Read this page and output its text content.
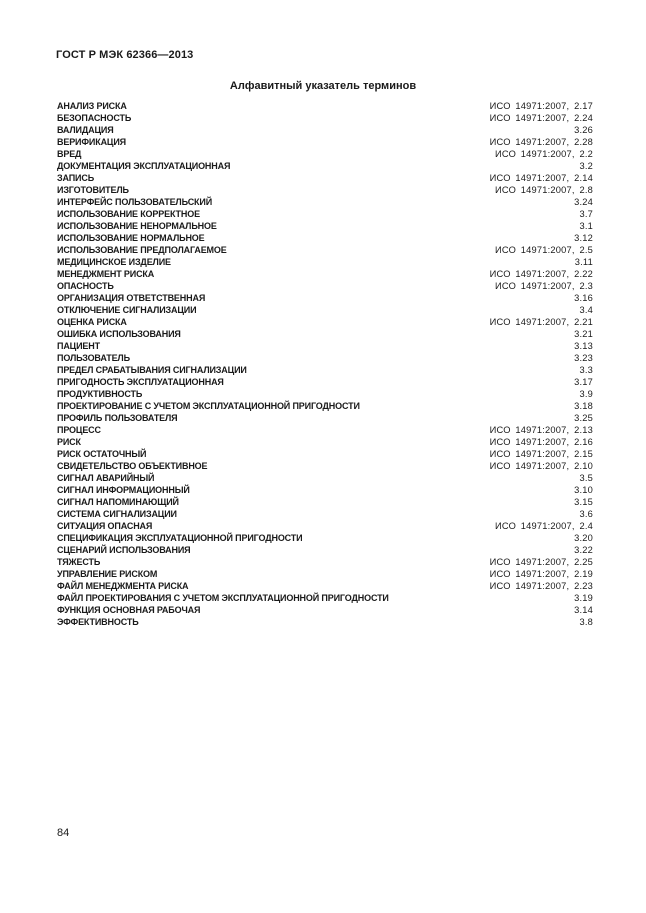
ГОСТ Р МЭК 62366—2013
Алфавитный указатель терминов
АНАЛИЗ РИСКА	ИСО 14971:2007, 2.17
БЕЗОПАСНОСТЬ	ИСО 14971:2007, 2.24
ВАЛИДАЦИЯ	3.26
ВЕРИФИКАЦИЯ	ИСО 14971:2007, 2.28
ВРЕД	ИСО 14971:2007, 2.2
ДОКУМЕНТАЦИЯ ЭКСПЛУАТАЦИОННАЯ	3.2
ЗАПИСЬ	ИСО 14971:2007, 2.14
ИЗГОТОВИТЕЛЬ	ИСО 14971:2007, 2.8
ИНТЕРФЕЙС ПОЛЬЗОВАТЕЛЬСКИЙ	3.24
ИСПОЛЬЗОВАНИЕ КОРРЕКТНОЕ	3.7
ИСПОЛЬЗОВАНИЕ НЕНОРМАЛЬНОЕ	3.1
ИСПОЛЬЗОВАНИЕ НОРМАЛЬНОЕ	3.12
ИСПОЛЬЗОВАНИЕ ПРЕДПОЛАГАЕМОЕ	ИСО 14971:2007, 2.5
МЕДИЦИНСКОЕ ИЗДЕЛИЕ	3.11
МЕНЕДЖМЕНТ РИСКА	ИСО 14971:2007, 2.22
ОПАСНОСТЬ	ИСО 14971:2007, 2.3
ОРГАНИЗАЦИЯ ОТВЕТСТВЕННАЯ	3.16
ОТКЛЮЧЕНИЕ СИГНАЛИЗАЦИИ	3.4
ОЦЕНКА РИСКА	ИСО 14971:2007, 2.21
ОШИБКА ИСПОЛЬЗОВАНИЯ	3.21
ПАЦИЕНТ	3.13
ПОЛЬЗОВАТЕЛЬ	3.23
ПРЕДЕЛ СРАБАТЫВАНИЯ СИГНАЛИЗАЦИИ	3.3
ПРИГОДНОСТЬ ЭКСПЛУАТАЦИОННАЯ	3.17
ПРОДУКТИВНОСТЬ	3.9
ПРОЕКТИРОВАНИЕ С УЧЕТОМ ЭКСПЛУАТАЦИОННОЙ ПРИГОДНОСТИ	3.18
ПРОФИЛЬ ПОЛЬЗОВАТЕЛЯ	3.25
ПРОЦЕСС	ИСО 14971:2007, 2.13
РИСК	ИСО 14971:2007, 2.16
РИСК ОСТАТОЧНЫЙ	ИСО 14971:2007, 2.15
СВИДЕТЕЛЬСТВО ОБЪЕКТИВНОЕ	ИСО 14971:2007, 2.10
СИГНАЛ АВАРИЙНЫЙ	3.5
СИГНАЛ ИНФОРМАЦИОННЫЙ	3.10
СИГНАЛ НАПОМИНАЮЩИЙ	3.15
СИСТЕМА СИГНАЛИЗАЦИИ	3.6
СИТУАЦИЯ ОПАСНАЯ	ИСО 14971:2007, 2.4
СПЕЦИФИКАЦИЯ ЭКСПЛУАТАЦИОННОЙ ПРИГОДНОСТИ	3.20
СЦЕНАРИЙ ИСПОЛЬЗОВАНИЯ	3.22
ТЯЖЕСТЬ	ИСО 14971:2007, 2.25
УПРАВЛЕНИЕ РИСКОМ	ИСО 14971:2007, 2.19
ФАЙЛ МЕНЕДЖМЕНТА РИСКА	ИСО 14971:2007, 2.23
ФАЙЛ ПРОЕКТИРОВАНИЯ С УЧЕТОМ ЭКСПЛУАТАЦИОННОЙ ПРИГОДНОСТИ	3.19
ФУНКЦИЯ ОСНОВНАЯ РАБОЧАЯ	3.14
ЭФФЕКТИВНОСТЬ	3.8
84
